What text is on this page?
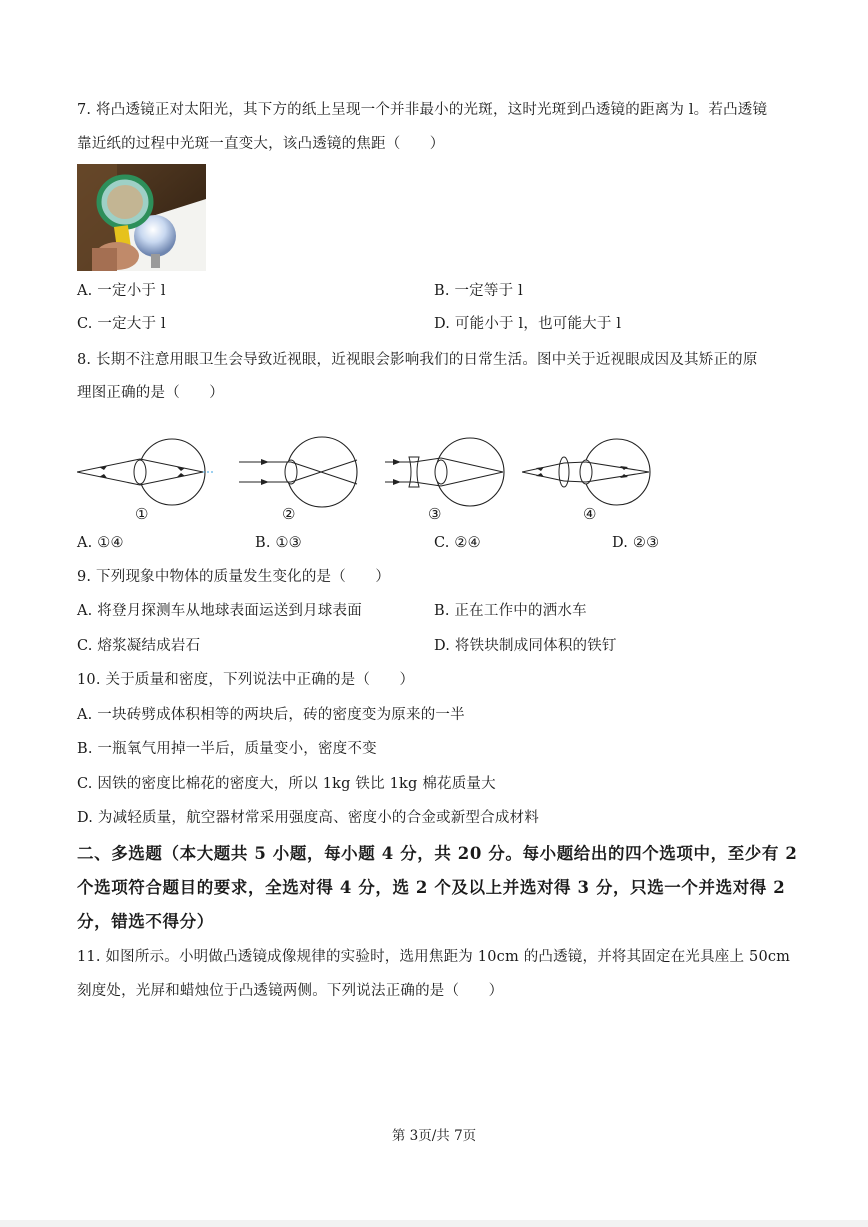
7. 将凸透镜正对太阳光，其下方的纸上呈现一个并非最小的光斑，这时光斑到凸透镜的距离为 l。若凸透镜
靠近纸的过程中光斑一直变大，该凸透镜的焦距（　　）
A. 一定小于 l	B. 一定等于 l
C. 一定大于 l	D. 可能小于 l，也可能大于 l
8. 长期不注意用眼卫生会导致近视眼，近视眼会影响我们的日常生活。图中关于近视眼成因及其矫正的原
理图正确的是（　　）
①	②	③	④
A. ①④	B. ①③	C. ②④	D. ②③
9. 下列现象中物体的质量发生变化的是（　　）
A. 将登月探测车从地球表面运送到月球表面	B. 正在工作中的洒水车
C. 熔浆凝结成岩石	D. 将铁块制成同体积的铁钉
10. 关于质量和密度，下列说法中正确的是（　　）
A. 一块砖劈成体积相等的两块后，砖的密度变为原来的一半
B. 一瓶氧气用掉一半后，质量变小，密度不变
C. 因铁的密度比棉花的密度大，所以 1kg 铁比 1kg 棉花质量大
D. 为减轻质量，航空器材常采用强度高、密度小的合金或新型合成材料
二、多选题（本大题共 5 小题，每小题 4 分，共 20 分。每小题给出的四个选项中，至少有 2
个选项符合题目的要求，全选对得 4 分，选 2 个及以上并选对得 3 分，只选一个并选对得 2
分，错选不得分）
11. 如图所示。小明做凸透镜成像规律的实验时，选用焦距为 10cm 的凸透镜，并将其固定在光具座上 50cm
刻度处，光屏和蜡烛位于凸透镜两侧。下列说法正确的是（　　）
第 3页/共 7页
